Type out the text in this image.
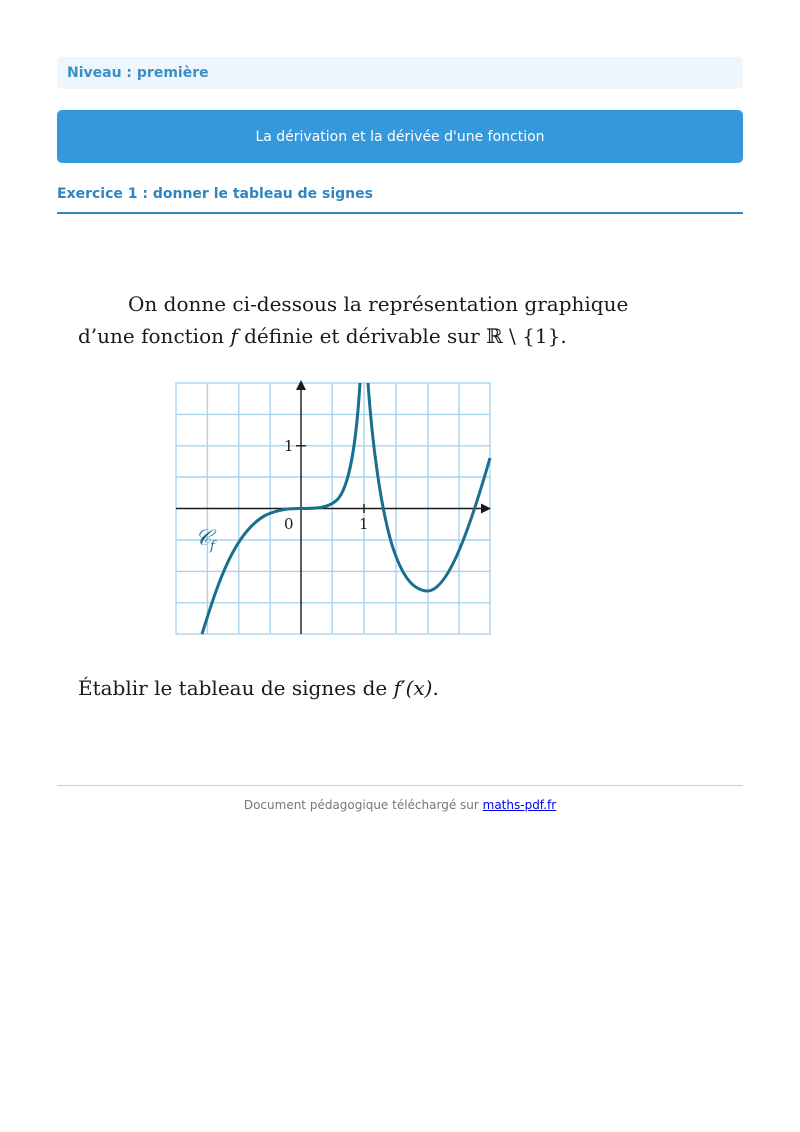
Niveau : première
La dérivation et la dérivée d'une fonction
Exercice 1 : donner le tableau de signes
On donne ci-dessous la représentation graphique
d’une fonction f définie et dérivable sur ℝ \ {1}.
0	1
1
𝒞
f
Établir le tableau de signes de f′(x).
Document pédagogique téléchargé sur maths-pdf.fr
